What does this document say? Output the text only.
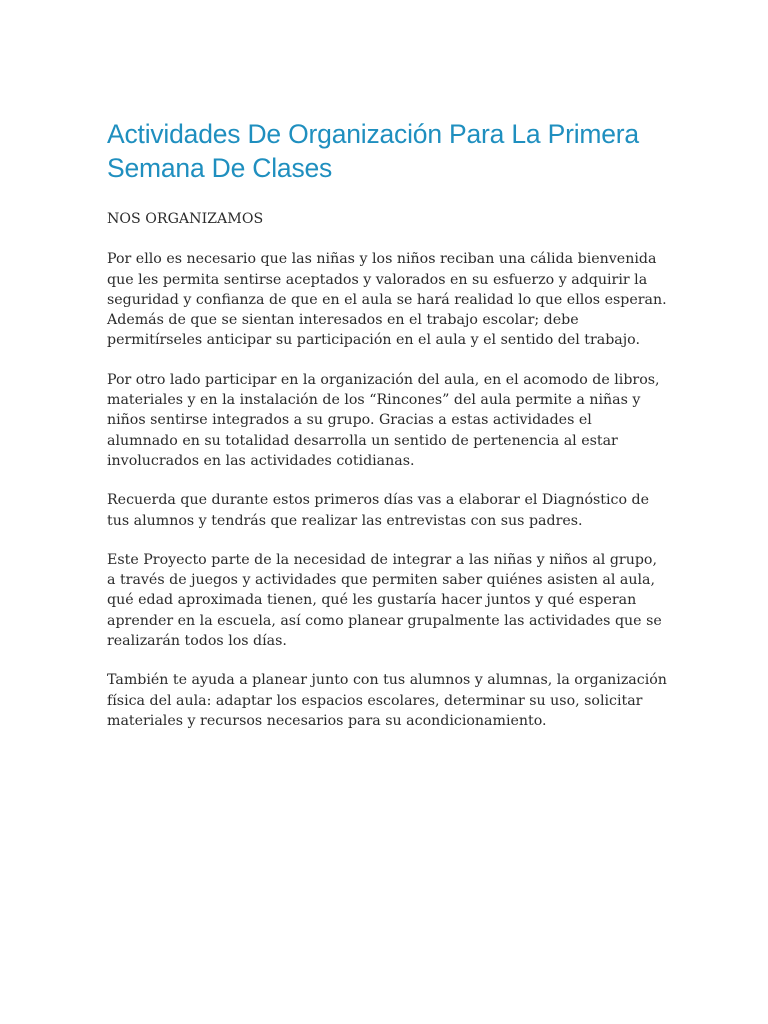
Actividades De Organización Para La Primera Semana De Clases

NOS ORGANIZAMOS

Por ello es necesario que las niñas y los niños reciban una cálida bienvenida que les permita sentirse aceptados y valorados en su esfuerzo y adquirir la seguridad y confianza de que en el aula se hará realidad lo que ellos esperan. Además de que se sientan interesados en el trabajo escolar; debe permitírseles anticipar su participación en el aula y el sentido del trabajo.

Por otro lado participar en la organización del aula, en el acomodo de libros, materiales y en la instalación de los “Rincones” del aula permite a niñas y niños sentirse integrados a su grupo. Gracias a estas actividades el alumnado en su totalidad desarrolla un sentido de pertenencia al estar involucrados en las actividades cotidianas.

Recuerda que durante estos primeros días vas a elaborar el Diagnóstico de tus alumnos y tendrás que realizar las entrevistas con sus padres.

Este Proyecto parte de la necesidad de integrar a las niñas y niños al grupo, a través de juegos y actividades que permiten saber quiénes asisten al aula, qué edad aproximada tienen, qué les gustaría hacer juntos y qué esperan aprender en la escuela, así como planear grupalmente las actividades que se realizarán todos los días.

También te ayuda a planear junto con tus alumnos y alumnas, la organización física del aula: adaptar los espacios escolares, determinar su uso, solicitar materiales y recursos necesarios para su acondicionamiento.
